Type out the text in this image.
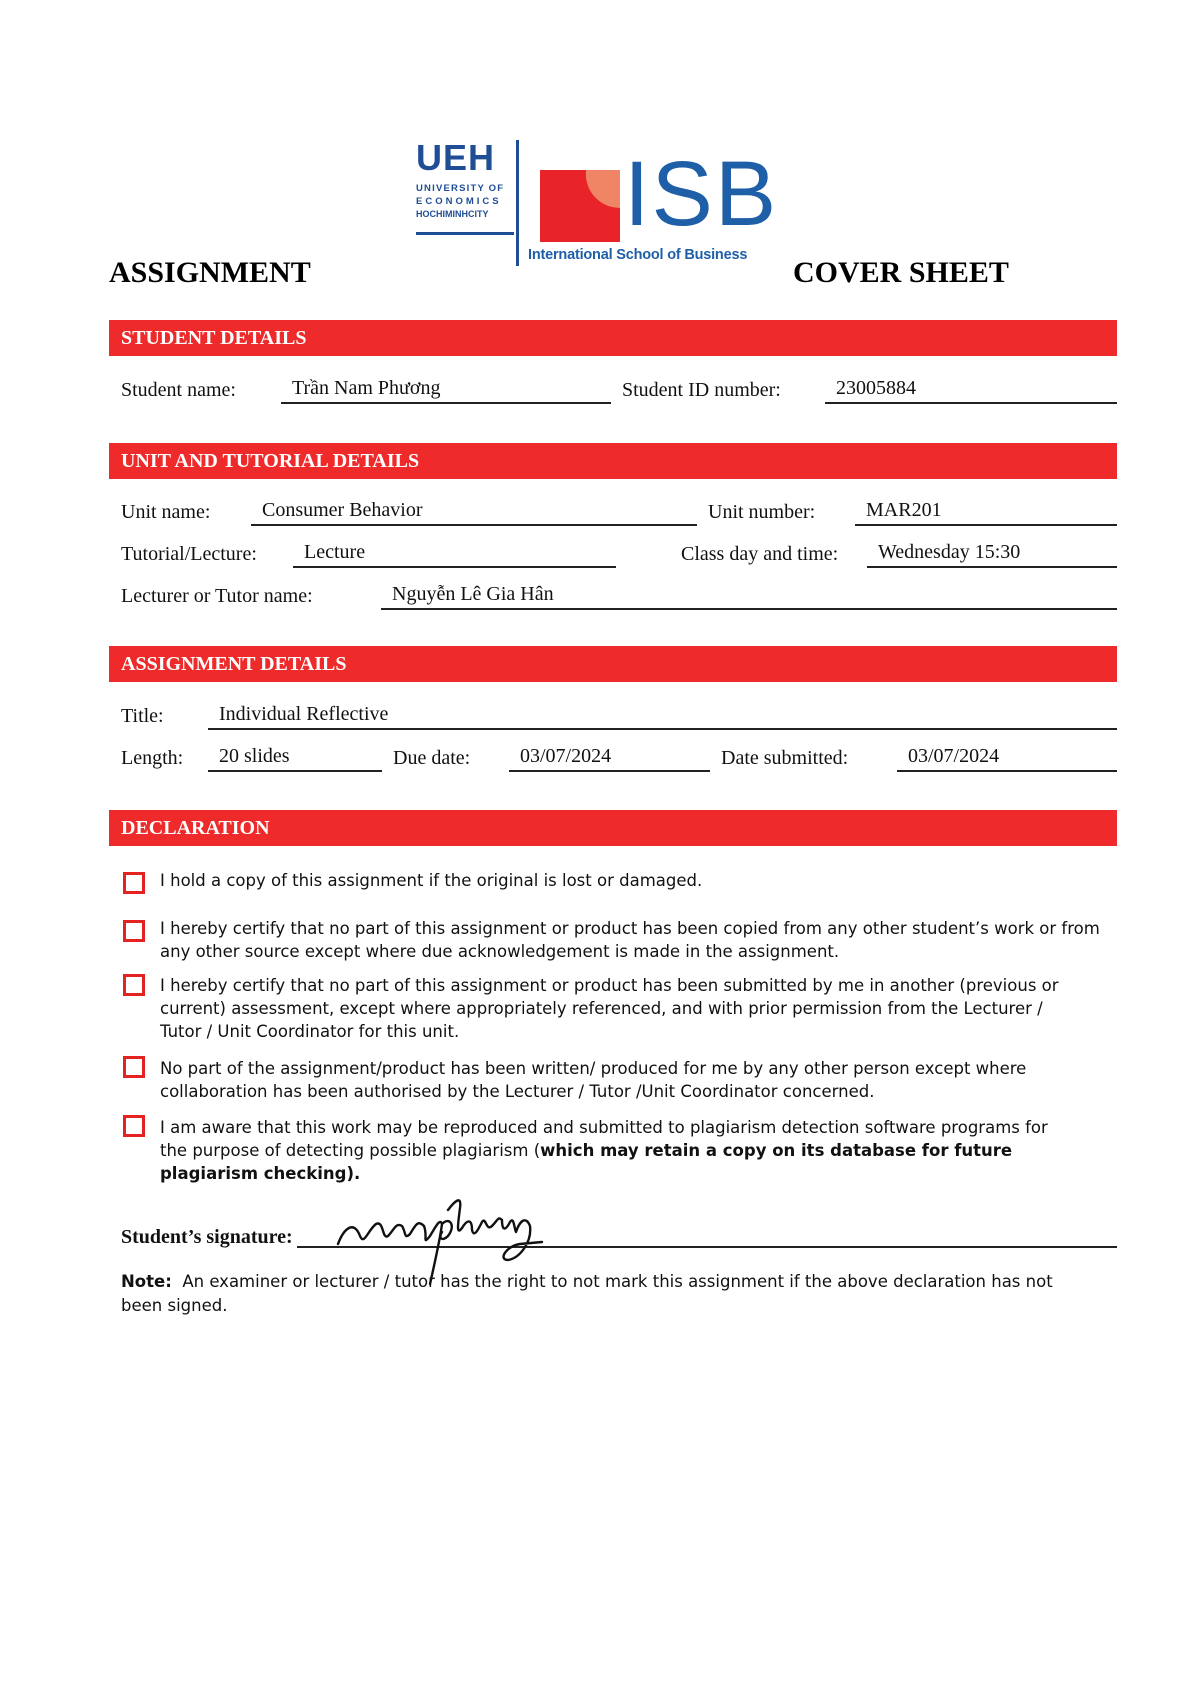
UEH
UNIVERSITY OF
ECONOMICS
HOCHIMINHCITY	ISB
International School of Business
ASSIGNMENT	COVER SHEET
STUDENT DETAILS
Student name:	Trần Nam Phương	Student ID number:	23005884
UNIT AND TUTORIAL DETAILS
Unit name:	Consumer Behavior	Unit number:	MAR201
Tutorial/Lecture:	Lecture	Class day and time:	Wednesday 15:30
Lecturer or Tutor name:	Nguyễn Lê Gia Hân
ASSIGNMENT DETAILS
Title:	Individual Reflective
Length:	20 slides	Due date:	03/07/2024	Date submitted:	03/07/2024
DECLARATION
I hold a copy of this assignment if the original is lost or damaged.
I hereby certify that no part of this assignment or product has been copied from any other student’s work or from any other source except where due acknowledgement is made in the assignment.
I hereby certify that no part of this assignment or product has been submitted by me in another (previous or current) assessment, except where appropriately referenced, and with prior permission from the Lecturer / Tutor / Unit Coordinator for this unit.
No part of the assignment/product has been written/ produced for me by any other person except where collaboration has been authorised by the Lecturer / Tutor /Unit Coordinator concerned.
I am aware that this work may be reproduced and submitted to plagiarism detection software programs for the purpose of detecting possible plagiarism (which may retain a copy on its database for future plagiarism checking).
Student’s signature:
Note: An examiner or lecturer / tutor has the right to not mark this assignment if the above declaration has not been signed.
